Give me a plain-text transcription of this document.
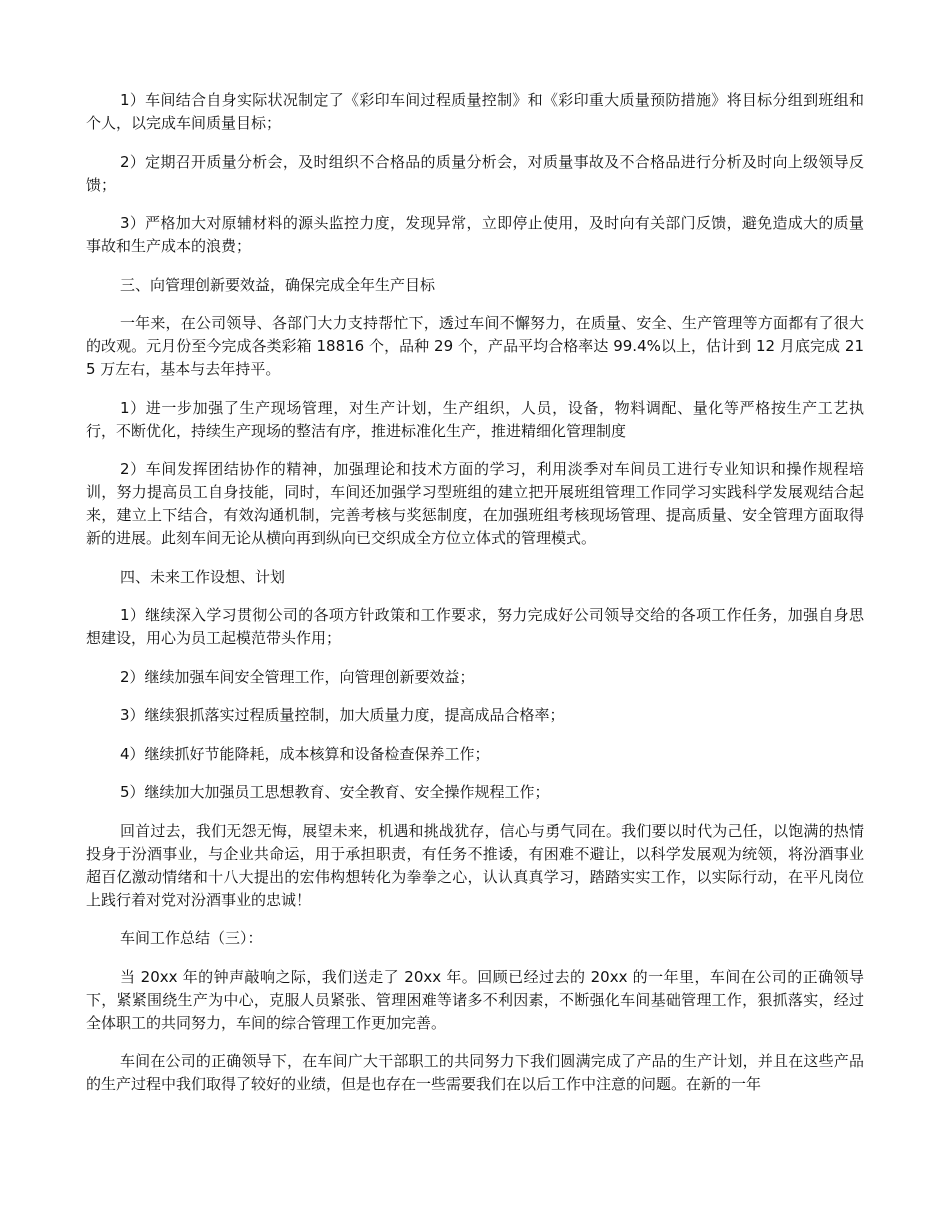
1）车间结合自身实际状况制定了《彩印车间过程质量控制》和《彩印重大质量预防措施》将目标分组到班组和个人，以完成车间质量目标；

2）定期召开质量分析会，及时组织不合格品的质量分析会，对质量事故及不合格品进行分析及时向上级领导反馈；

3）严格加大对原辅材料的源头监控力度，发现异常，立即停止使用，及时向有关部门反馈，避免造成大的质量事故和生产成本的浪费；

三、向管理创新要效益，确保完成全年生产目标

一年来，在公司领导、各部门大力支持帮忙下，透过车间不懈努力，在质量、安全、生产管理等方面都有了很大的改观。元月份至今完成各类彩箱 18816 个，品种 29 个，产品平均合格率达 99.4%以上，估计到 12 月底完成 215 万左右，基本与去年持平。

1）进一步加强了生产现场管理，对生产计划，生产组织，人员，设备，物料调配、量化等严格按生产工艺执行，不断优化，持续生产现场的整洁有序，推进标准化生产，推进精细化管理制度

2）车间发挥团结协作的精神，加强理论和技术方面的学习，利用淡季对车间员工进行专业知识和操作规程培训，努力提高员工自身技能，同时，车间还加强学习型班组的建立把开展班组管理工作同学习实践科学发展观结合起来，建立上下结合，有效沟通机制，完善考核与奖惩制度，在加强班组考核现场管理、提高质量、安全管理方面取得新的进展。此刻车间无论从横向再到纵向已交织成全方位立体式的管理模式。

四、未来工作设想、计划

1）继续深入学习贯彻公司的各项方针政策和工作要求，努力完成好公司领导交给的各项工作任务，加强自身思想建设，用心为员工起模范带头作用；

2）继续加强车间安全管理工作，向管理创新要效益；

3）继续狠抓落实过程质量控制，加大质量力度，提高成品合格率；

4）继续抓好节能降耗，成本核算和设备检查保养工作；

5）继续加大加强员工思想教育、安全教育、安全操作规程工作；

回首过去，我们无怨无悔，展望未来，机遇和挑战犹存，信心与勇气同在。我们要以时代为己任，以饱满的热情投身于汾酒事业，与企业共命运，用于承担职责，有任务不推诿，有困难不避让，以科学发展观为统领，将汾酒事业超百亿激动情绪和十八大提出的宏伟构想转化为拳拳之心，认认真真学习，踏踏实实工作，以实际行动，在平凡岗位上践行着对党对汾酒事业的忠诚！

车间工作总结（三）：

当 20xx 年的钟声敲响之际，我们送走了 20xx 年。回顾已经过去的 20xx 的一年里，车间在公司的正确领导下，紧紧围绕生产为中心，克服人员紧张、管理困难等诸多不利因素，不断强化车间基础管理工作，狠抓落实，经过全体职工的共同努力，车间的综合管理工作更加完善。

车间在公司的正确领导下，在车间广大干部职工的共同努力下我们圆满完成了产品的生产计划，并且在这些产品的生产过程中我们取得了较好的业绩，但是也存在一些需要我们在以后工作中注意的问题。在新的一年
